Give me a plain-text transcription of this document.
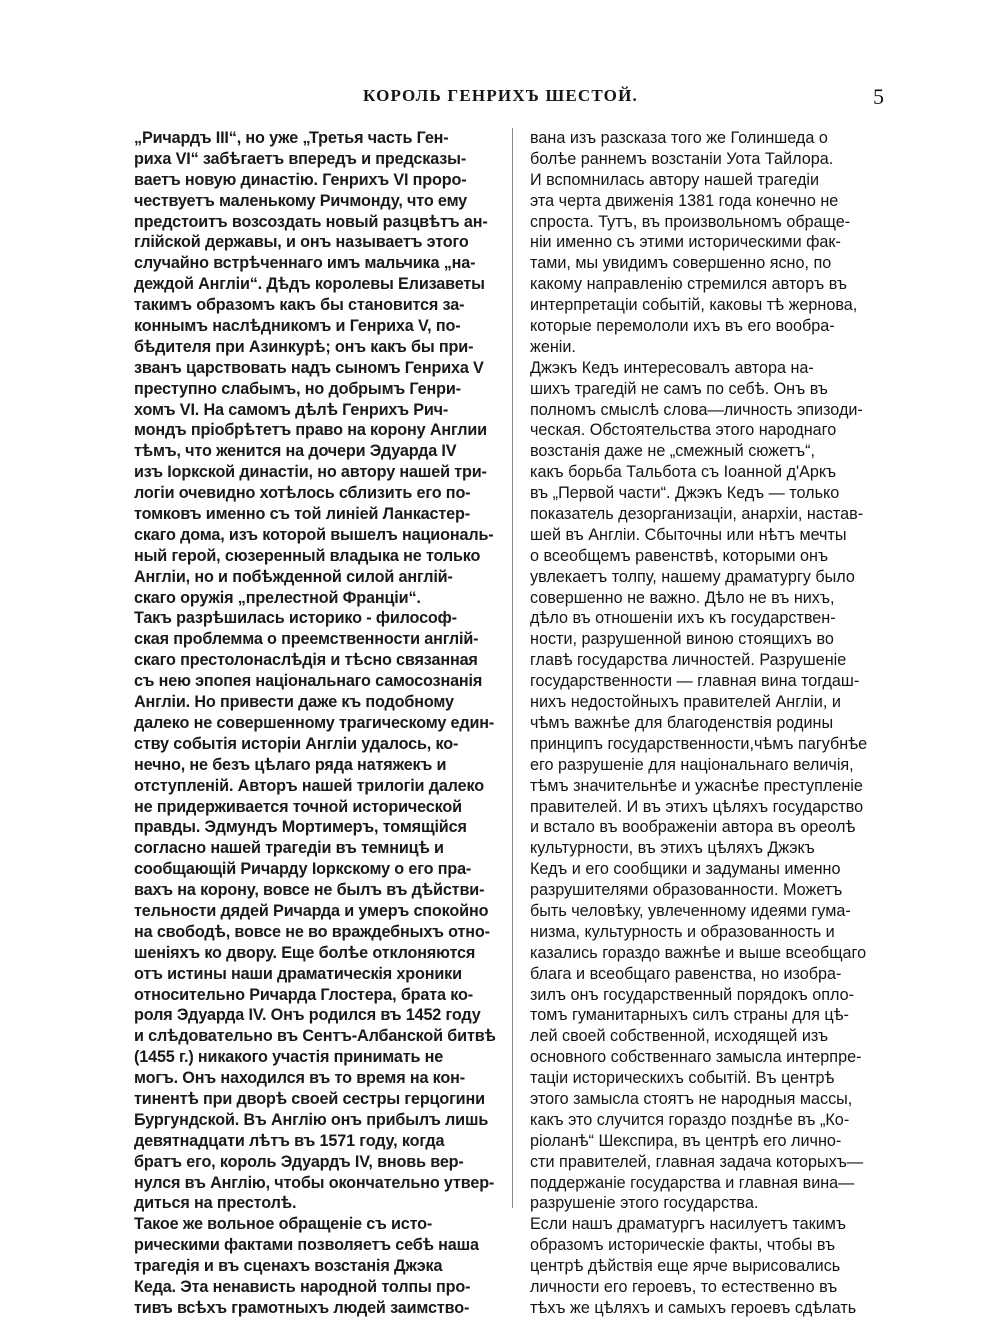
КОРОЛЬ ГЕНРИХЪ ШЕСТОЙ.	5
„Ричардъ III“, но уже „Третья часть Ген-
риха VI“ забѣгаетъ впередъ и предсказы-
ваетъ новую династію. Генрихъ VI проро-
чествуетъ маленькому Ричмонду, что ему
предстоитъ возсоздать новый разцвѣтъ ан-
глійской державы, и онъ называетъ этого
случайно встрѣченнаго имъ мальчика „на-
деждой Англіи“. Дѣдъ королевы Елизаветы
такимъ образомъ какъ бы становится за-
коннымъ наслѣдникомъ и Генриха V, по-
бѣдителя при Азинкурѣ; онъ какъ бы при-
званъ царствовать надъ сыномъ Генриха V
преступно слабымъ, но добрымъ Генри-
хомъ VI. На самомъ дѣлѣ Генрихъ Рич-
мондъ пріобрѣтетъ право на корону Англии
тѣмъ, что женится на дочери Эдуарда IV
изъ Іоркской династіи, но автору нашей три-
логіи очевидно хотѣлось сблизить его по-
томковъ именно съ той линіей Ланкастер-
скаго дома, изъ которой вышелъ националь-
ный герой, сюзеренный владыка не только
Англіи, но и побѣжденной силой англій-
скаго оружія „прелестной Франціи“.
Такъ разрѣшилась историко - философ-
ская проблемма о преемственности англій-
скаго престолонаслѣдія и тѣсно связанная
съ нею эпопея національнаго самосознанія
Англіи. Но привести даже къ подобному
далеко не совершенному трагическому един-
ству событія исторіи Англіи удалось, ко-
нечно, не безъ цѣлаго ряда натяжекъ и
отступленій. Авторъ нашей трилогіи далеко
не придерживается точной исторической
правды. Эдмундъ Мортимеръ, томящійся
согласно нашей трагедіи въ темницѣ и
сообщающій Ричарду Іоркскому о его пра-
вахъ на корону, вовсе не былъ въ дѣйстви-
тельности дядей Ричарда и умеръ спокойно
на свободѣ, вовсе не во враждебныхъ отно-
шеніяхъ ко двору. Еще болѣе отклоняются
отъ истины наши драматическія хроники
относительно Ричарда Глостера, брата ко-
роля Эдуарда IV. Онъ родился въ 1452 году
и слѣдовательно въ Сентъ-Албанской битвѣ
(1455 г.) никакого участія принимать не
могъ. Онъ находился въ то время на кон-
тинентѣ при дворѣ своей сестры герцогини
Бургундской. Въ Англію онъ прибылъ лишь
девятнадцати лѣтъ въ 1571 году, когда
братъ его, король Эдуардъ IV, вновь вер-
нулся въ Англію, чтобы окончательно утвер-
диться на престолѣ.
Такое же вольное обращеніе съ исто-
рическими фактами позволяетъ себѣ наша
трагедія и въ сценахъ возстанія Джэка
Кеда. Эта ненависть народной толпы про-
тивъ всѣхъ грамотныхъ людей заимство-
вана изъ разсказа того же Голиншеда о
болѣе раннемъ возстаніи Уота Тайлора.
И вспомнилась автору нашей трагедіи
эта черта движенія 1381 года конечно не
спроста. Тутъ, въ произвольномъ обраще-
ніи именно съ этими историческими фак-
тами, мы увидимъ совершенно ясно, по
какому направленію стремился авторъ въ
интерпретаціи событій, каковы тѣ жернова,
которые перемололи ихъ въ его вообра-
женіи.
Джэкъ Кедъ интересовалъ автора на-
шихъ трагедій не самъ по себѣ. Онъ въ
полномъ смыслѣ слова—личность эпизоди-
ческая. Обстоятельства этого народнаго
возстанія даже не „смежный сюжетъ“,
какъ борьба Тальбота съ Іоанной д'Аркъ
въ „Первой части“. Джэкъ Кедъ — только
показатель дезорганизаціи, анархіи, настав-
шей въ Англіи. Сбыточны или нѣтъ мечты
о всеобщемъ равенствѣ, которыми онъ
увлекаетъ толпу, нашему драматургу было
совершенно не важно. Дѣло не въ нихъ,
дѣло въ отношеніи ихъ къ государствен-
ности, разрушенной виною стоящихъ во
главѣ государства личностей. Разрушеніе
государственности — главная вина тогдаш-
нихъ недостойныхъ правителей Англіи, и
чѣмъ важнѣе для благоденствія родины
принципъ государственности,чѣмъ пагубнѣе
его разрушеніе для національнаго величія,
тѣмъ значительнѣе и ужаснѣе преступленіе
правителей. И въ этихъ цѣляхъ государство
и встало въ воображеніи автора въ ореолѣ
культурности, въ этихъ цѣляхъ Джэкъ
Кедъ и его сообщики и задуманы именно
разрушителями образованности. Можетъ
быть человѣку, увлеченному идеями гума-
низма, культурность и образованность и
казались гораздо важнѣе и выше всеобщаго
блага и всеобщаго равенства, но изобра-
зилъ онъ государственный порядокъ опло-
томъ гуманитарныхъ силъ страны для цѣ-
лей своей собственной, исходящей изъ
основного собственнаго замысла интерпре-
таціи историческихъ событій. Въ центрѣ
этого замысла стоятъ не народныя массы,
какъ это случится гораздо позднѣе въ „Ко-
ріоланѣ“ Шекспира, въ центрѣ его лично-
сти правителей, главная задача которыхъ—
поддержаніе государства и главная вина—
разрушеніе этого государства.
Если нашъ драматургъ насилуетъ такимъ
образомъ историческіе факты, чтобы въ
центрѣ дѣйствія еще ярче вырисовались
личности его героевъ, то естественно въ
тѣхъ же цѣляхъ и самыхъ героевъ сдѣлать
